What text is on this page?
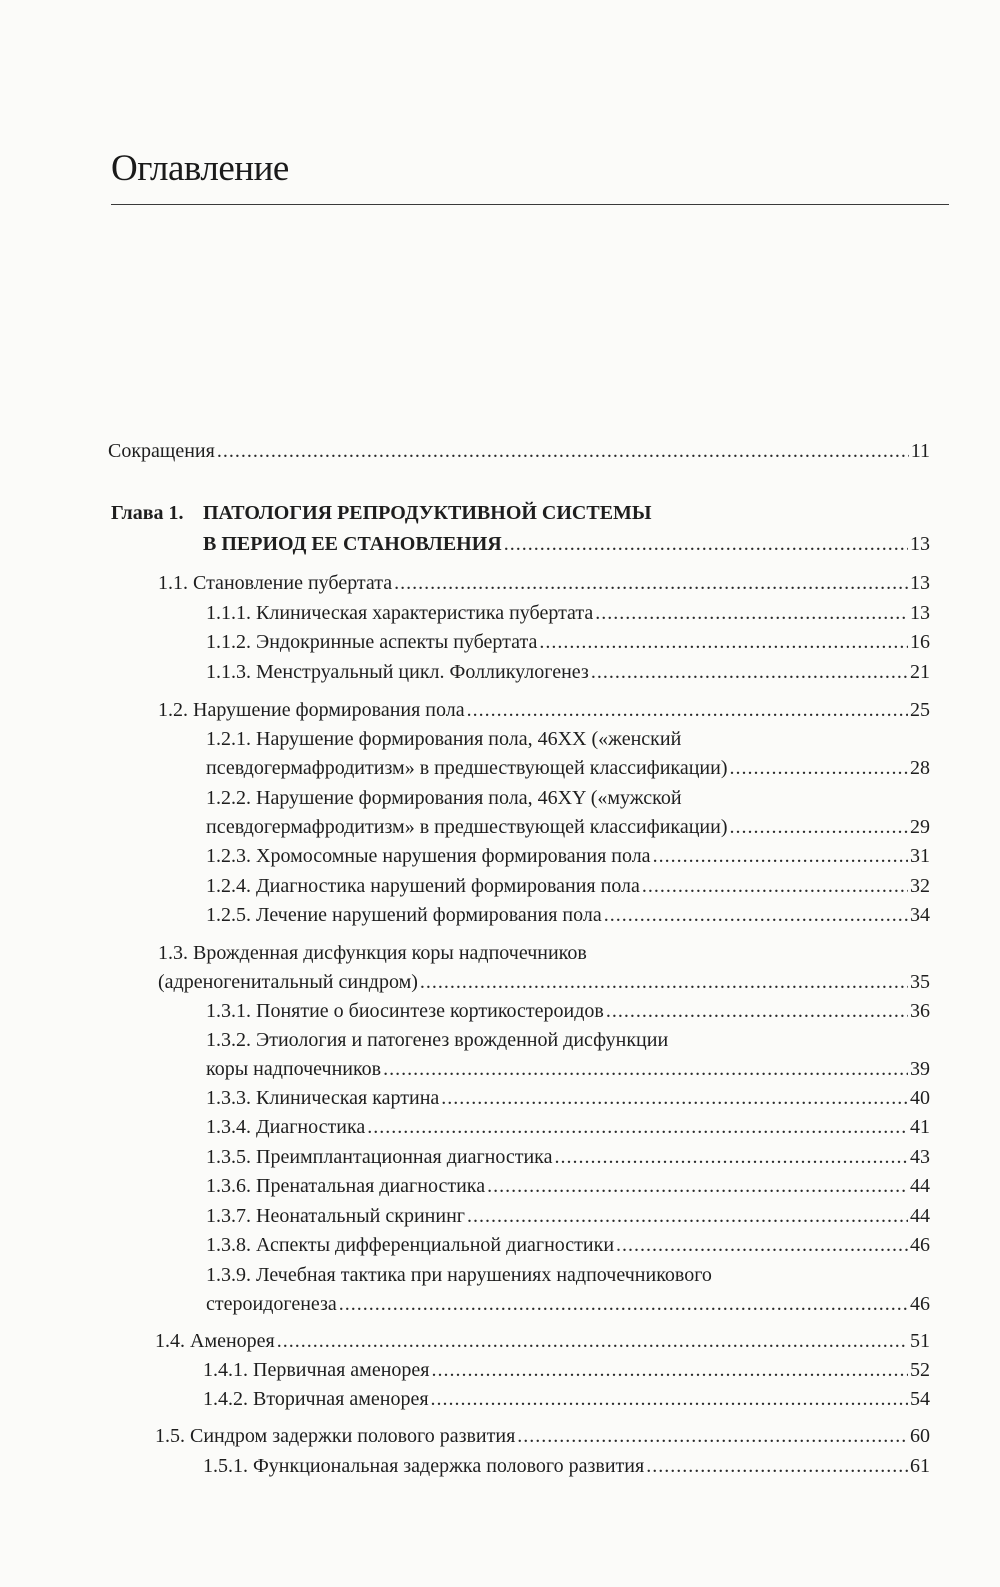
Оглавление
Сокращения . . .	11
Глава 1. ПАТОЛОГИЯ РЕПРОДУКТИВНОЙ СИСТЕМЫ
В ПЕРИОД ЕЕ СТАНОВЛЕНИЯ . . .	13
1.1. Становление пубертата . . .	13
1.1.1. Клиническая характеристика пубертата . . .	13
1.1.2. Эндокринные аспекты пубертата . . .	16
1.1.3. Менструальный цикл. Фолликулогенез . . .	21
1.2. Нарушение формирования пола . . .	25
1.2.1. Нарушение формирования пола, 46ХХ («женский
псевдогермафродитизм» в предшествующей классификации) . . .	28
1.2.2. Нарушение формирования пола, 46XY («мужской
псевдогермафродитизм» в предшествующей классификации) . . .	29
1.2.3. Хромосомные нарушения формирования пола . . .	31
1.2.4. Диагностика нарушений формирования пола . . .	32
1.2.5. Лечение нарушений формирования пола . . .	34
1.3. Врожденная дисфункция коры надпочечников
(адреногенитальный синдром) . . .	35
1.3.1. Понятие о биосинтезе кортикостероидов . . .	36
1.3.2. Этиология и патогенез врожденной дисфункции
коры надпочечников . . .	39
1.3.3. Клиническая картина . . .	40
1.3.4. Диагностика . . .	41
1.3.5. Преимплантационная диагностика . . .	43
1.3.6. Пренатальная диагностика . . .	44
1.3.7. Неонатальный скрининг . . .	44
1.3.8. Аспекты дифференциальной диагностики . . .	46
1.3.9. Лечебная тактика при нарушениях надпочечникового
стероидогенеза . . .	46
1.4. Аменорея . . .	51
1.4.1. Первичная аменорея . . .	52
1.4.2. Вторичная аменорея . . .	54
1.5. Синдром задержки полового развития . . .	60
1.5.1. Функциональная задержка полового развития . . .	61
